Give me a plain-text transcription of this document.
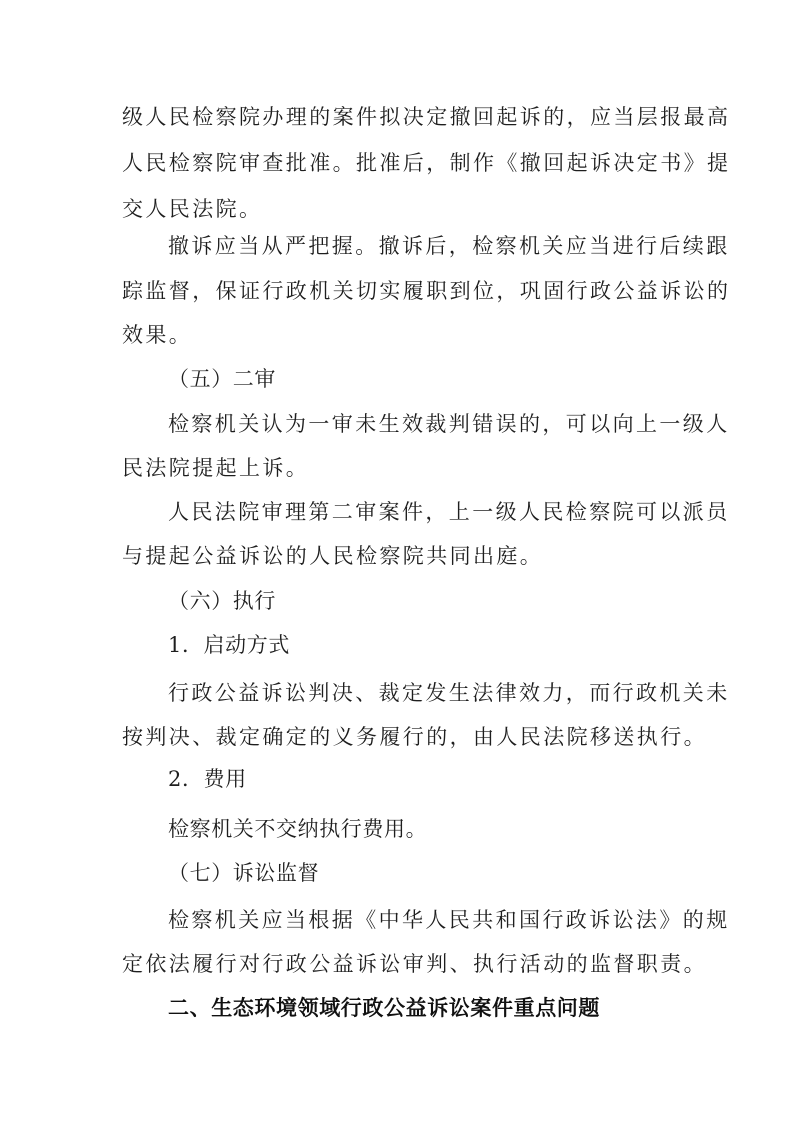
级人民检察院办理的案件拟决定撤回起诉的，应当层报最高
人民检察院审查批准。批准后，制作《撤回起诉决定书》提
交人民法院。
撤诉应当从严把握。撤诉后，检察机关应当进行后续跟
踪监督，保证行政机关切实履职到位，巩固行政公益诉讼的
效果。
（五）二审
检察机关认为一审未生效裁判错误的，可以向上一级人
民法院提起上诉。
人民法院审理第二审案件，上一级人民检察院可以派员
与提起公益诉讼的人民检察院共同出庭。
（六）执行
1．启动方式
行政公益诉讼判决、裁定发生法律效力，而行政机关未
按判决、裁定确定的义务履行的，由人民法院移送执行。
2．费用
检察机关不交纳执行费用。
（七）诉讼监督
检察机关应当根据《中华人民共和国行政诉讼法》的规
定依法履行对行政公益诉讼审判、执行活动的监督职责。
二、生态环境领域行政公益诉讼案件重点问题
